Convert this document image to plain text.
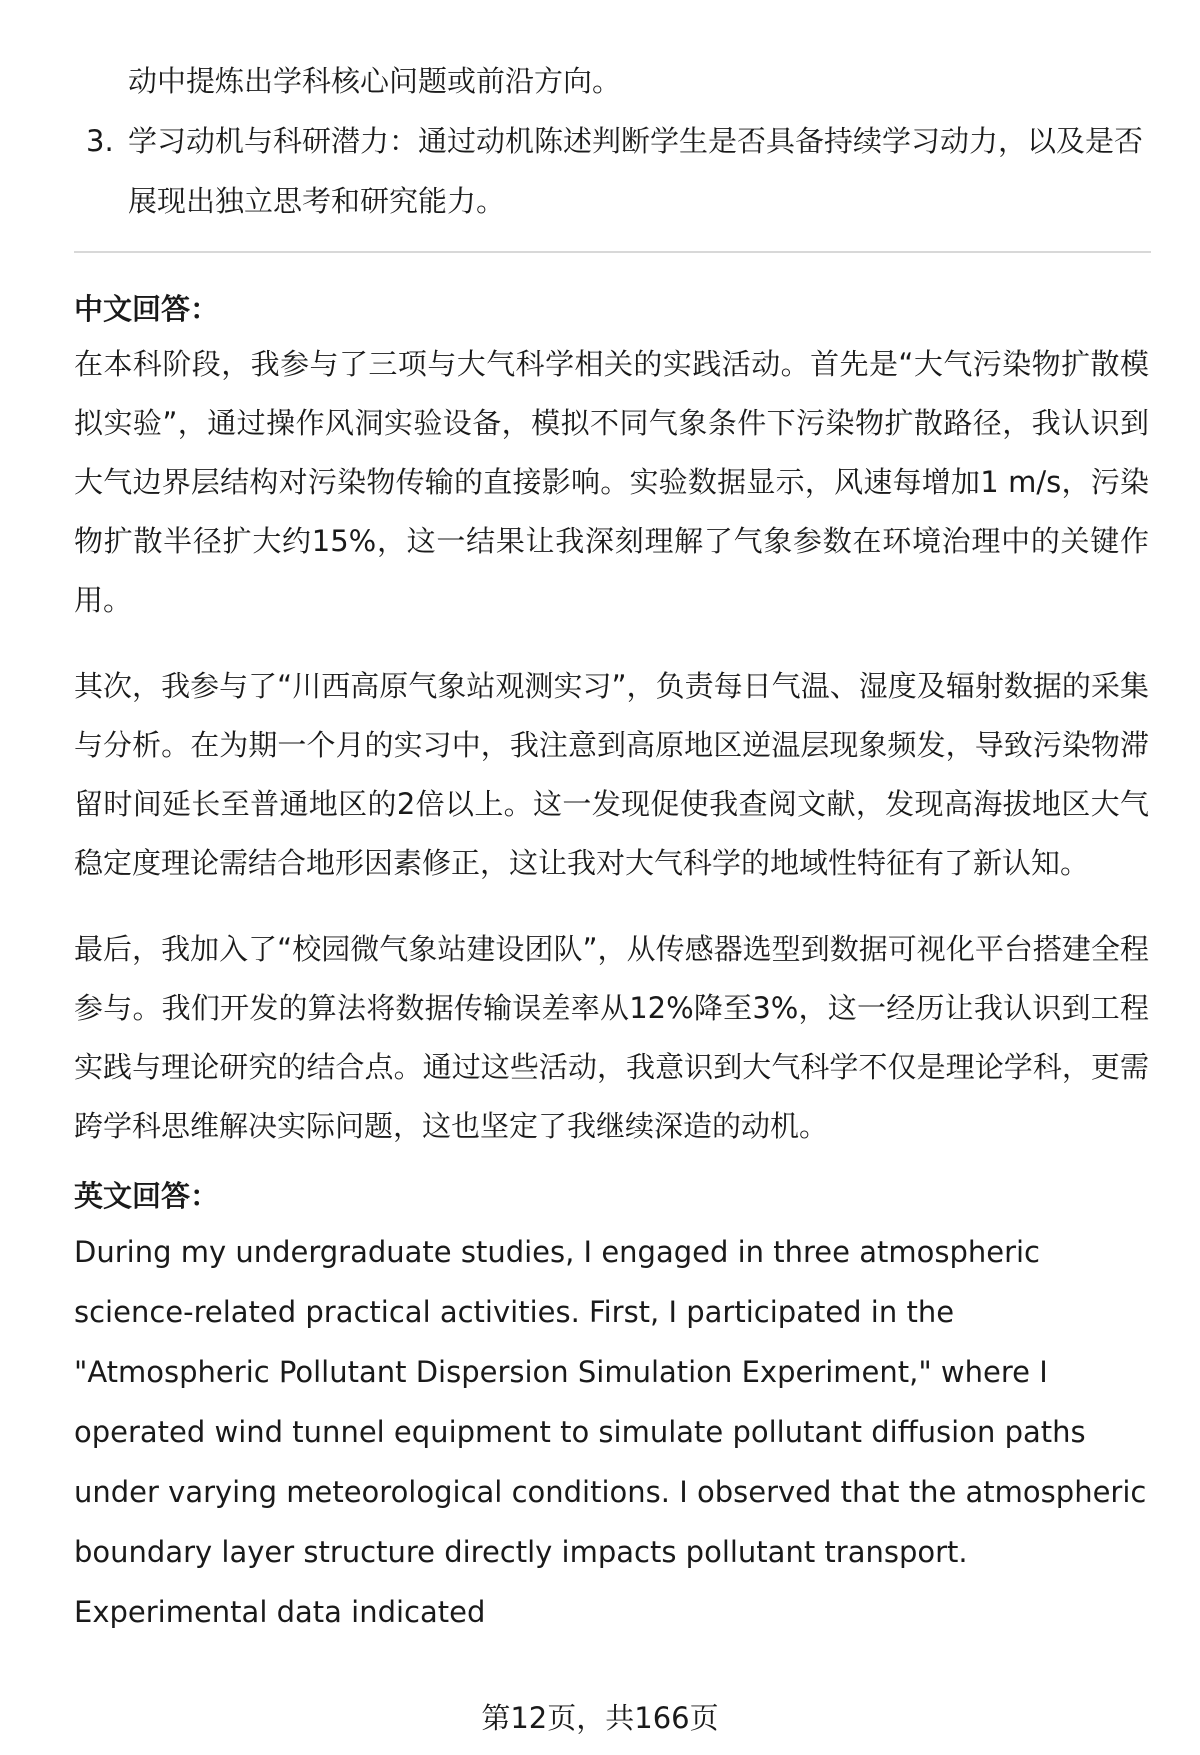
动中提炼出学科核心问题或前沿方向。
3. 学习动机与科研潜力：通过动机陈述判断学生是否具备持续学习动力，以及是否展现出独立思考和研究能力。
中文回答：

在本科阶段，我参与了三项与大气科学相关的实践活动。首先是“大气污染物扩散模拟实验”，通过操作风洞实验设备，模拟不同气象条件下污染物扩散路径，我认识到大气边界层结构对污染物传输的直接影响。实验数据显示，风速每增加1 m/s，污染物扩散半径扩大约15%，这一结果让我深刻理解了气象参数在环境治理中的关键作用。

其次，我参与了“川西高原气象站观测实习”，负责每日气温、湿度及辐射数据的采集与分析。在为期一个月的实习中，我注意到高原地区逆温层现象频发，导致污染物滞留时间延长至普通地区的2倍以上。这一发现促使我查阅文献，发现高海拔地区大气稳定度理论需结合地形因素修正，这让我对大气科学的地域性特征有了新认知。

最后，我加入了“校园微气象站建设团队”，从传感器选型到数据可视化平台搭建全程参与。我们开发的算法将数据传输误差率从12%降至3%，这一经历让我认识到工程实践与理论研究的结合点。通过这些活动，我意识到大气科学不仅是理论学科，更需跨学科思维解决实际问题，这也坚定了我继续深造的动机。

英文回答：

During my undergraduate studies, I engaged in three atmospheric science-related practical activities. First, I participated in the "Atmospheric Pollutant Dispersion Simulation Experiment," where I operated wind tunnel equipment to simulate pollutant diffusion paths under varying meteorological conditions. I observed that the atmospheric boundary layer structure directly impacts pollutant transport. Experimental data indicated

第12页，共166页
